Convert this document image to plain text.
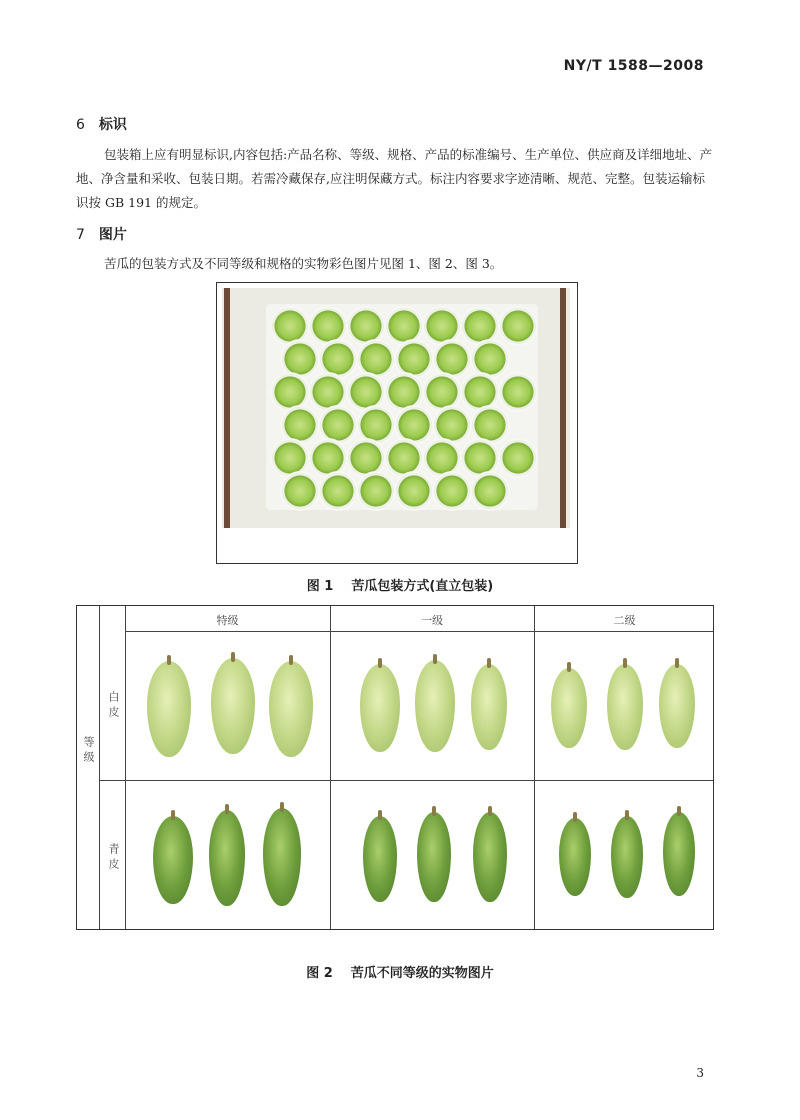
NY/T 1588—2008
6 标识
包装箱上应有明显标识,内容包括:产品名称、等级、规格、产品的标准编号、生产单位、供应商及详细地址、产地、净含量和采收、包装日期。若需冷藏保存,应注明保藏方式。标注内容要求字迹清晰、规范、完整。包装运输标识按 GB 191 的规定。
7 图片
苦瓜的包装方式及不同等级和规格的实物彩色图片见图 1、图 2、图 3。
图 1 苦瓜包装方式(直立包装)
等级
白皮
青皮
特级	一级	二级
图 2 苦瓜不同等级的实物图片
3
